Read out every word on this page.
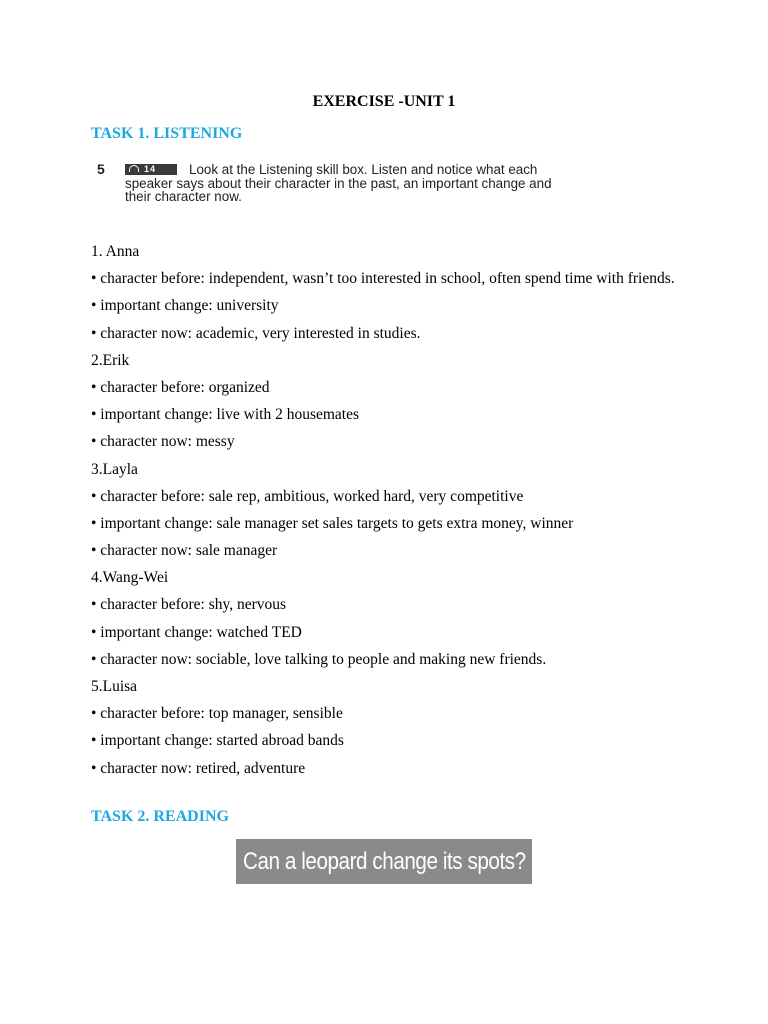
EXERCISE -UNIT 1
TASK 1. LISTENING
5	14	Look at the Listening skill box. Listen and notice what each speaker says about their character in the past, an important change and their character now.
1. Anna
• character before: independent, wasn’t too interested in school, often spend time with friends.
• important change: university
• character now: academic, very interested in studies.
2.Erik
• character before: organized
• important change: live with 2 housemates
• character now: messy
3.Layla
• character before: sale rep, ambitious, worked hard, very competitive
• important change: sale manager set sales targets to gets extra money, winner
• character now: sale manager
4.Wang-Wei
• character before: shy, nervous
• important change: watched TED
• character now: sociable, love talking to people and making new friends.
5.Luisa
• character before: top manager, sensible
• important change: started abroad bands
• character now: retired, adventure
TASK 2. READING
Can a leopard change its spots?
